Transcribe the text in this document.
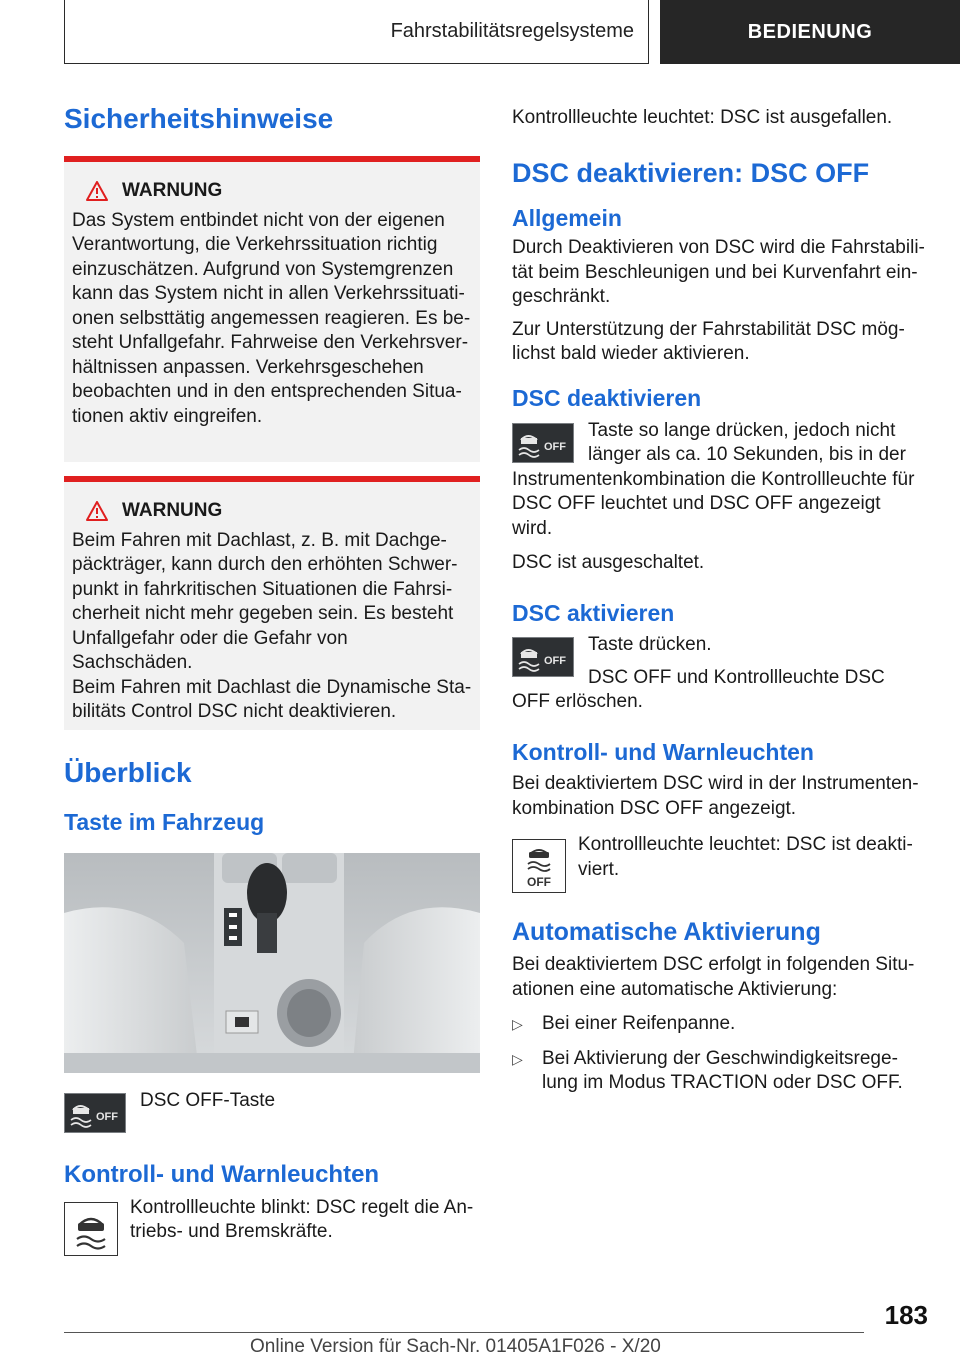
Fahrstabilitätsregelsysteme	BEDIENUNG
Sicherheitshinweise
WARNUNG

Das System entbindet nicht von der eigenen
Verantwortung, die Verkehrssituation richtig
einzuschätzen. Aufgrund von Systemgrenzen
kann das System nicht in allen Verkehrssituati-
onen selbsttätig angemessen reagieren. Es be-
steht Unfallgefahr. Fahrweise den Verkehrsver-
hältnissen anpassen. Verkehrsgeschehen
beobachten und in den entsprechenden Situa-
tionen aktiv eingreifen.

WARNUNG

Beim Fahren mit Dachlast, z. B. mit Dachge-
päckträger, kann durch den erhöhten Schwer-
punkt in fahrkritischen Situationen die Fahrsi-
cherheit nicht mehr gegeben sein. Es besteht
Unfallgefahr oder die Gefahr von Sachschäden.
Beim Fahren mit Dachlast die Dynamische Sta-
bilitäts Control DSC nicht deaktivieren.

Überblick
Taste im Fahrzeug
OFF

DSC OFF-Taste

Kontroll- und Warnleuchten

Kontrollleuchte blinkt: DSC regelt die An-
triebs- und Bremskräfte.

Kontrollleuchte leuchtet: DSC ist ausgefallen.

DSC deaktivieren: DSC OFF
Allgemein

Durch Deaktivieren von DSC wird die Fahrstabili-
tät beim Beschleunigen und bei Kurvenfahrt ein-
geschränkt.

Zur Unterstützung der Fahrstabilität DSC mög-
lichst bald wieder aktivieren.

DSC deaktivieren
OFF

Taste so lange drücken, jedoch nicht
länger als ca. 10 Sekunden, bis in der

Instrumentenkombination die Kontrollleuchte für
DSC OFF leuchtet und DSC OFF angezeigt
wird.

DSC ist ausgeschaltet.

DSC aktivieren
OFF

Taste drücken.

DSC OFF und Kontrollleuchte DSC

OFF erlöschen.

Kontroll- und Warnleuchten

Bei deaktiviertem DSC wird in der Instrumenten-
kombination DSC OFF angezeigt.

OFF

Kontrollleuchte leuchtet: DSC ist deakti-
viert.

Automatische Aktivierung

Bei deaktiviertem DSC erfolgt in folgenden Situ-
ationen eine automatische Aktivierung:

▷	Bei einer Reifenpanne.

▷	Bei Aktivierung der Geschwindigkeitsrege-
lung im Modus TRACTION oder DSC OFF.

183
Online Version für Sach-Nr. 01405A1F026 - X/20
